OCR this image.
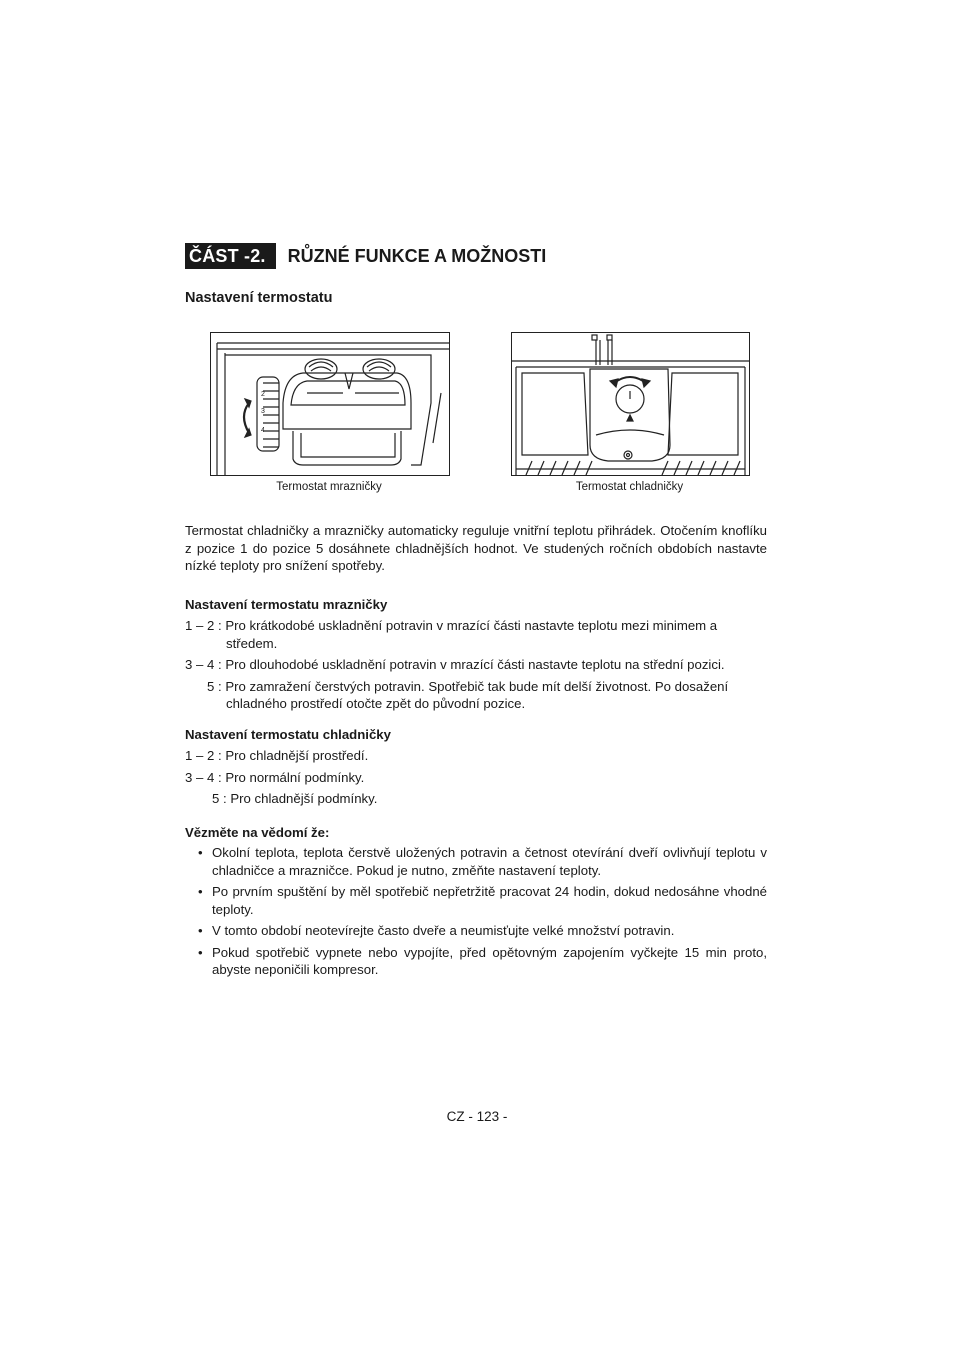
ČÁST -2.	RŮZNÉ FUNKCE A MOŽNOSTI
Nastavení termostatu
2
3
4
Termostat mrazničky	Termostat chladničky

Termostat chladničky a mrazničky automaticky reguluje vnitřní teplotu přihrádek. Otočením knoflíku z pozice 1 do pozice 5 dosáhnete chladnějších hodnot. Ve studených ročních obdobích nastavte nízké teploty pro snížení spotřeby.

Nastavení termostatu mrazničky

1 – 2 : Pro krátkodobé uskladnění potravin v mrazící části nastavte teplotu mezi minimem a středem.

3 – 4 : Pro dlouhodobé uskladnění potravin v mrazící části nastavte teplotu na střední pozici.

5 : Pro zamražení čerstvých potravin. Spotřebič tak bude mít delší životnost. Po dosažení chladného prostředí otočte zpět do původní pozice.

Nastavení termostatu chladničky

1 – 2 : Pro chladnější prostředí.

3 – 4 : Pro normální podmínky.

5 : Pro chladnější podmínky.

Vězměte na vědomí že:

• Okolní teplota, teplota čerstvě uložených potravin a četnost otevírání dveří ovlivňují teplotu v chladničce a mrazničce. Pokud je nutno, změňte nastavení teploty.
• Po prvním spuštění by měl spotřebič nepřetržitě pracovat 24 hodin, dokud nedosáhne vhodné teploty.
• V tomto období neotevírejte často dveře a neumisťujte velké množství potravin.
• Pokud spotřebič vypnete nebo vypojíte, před opětovným zapojením vyčkejte 15 min proto, abyste neponičili kompresor.
CZ - 123 -
